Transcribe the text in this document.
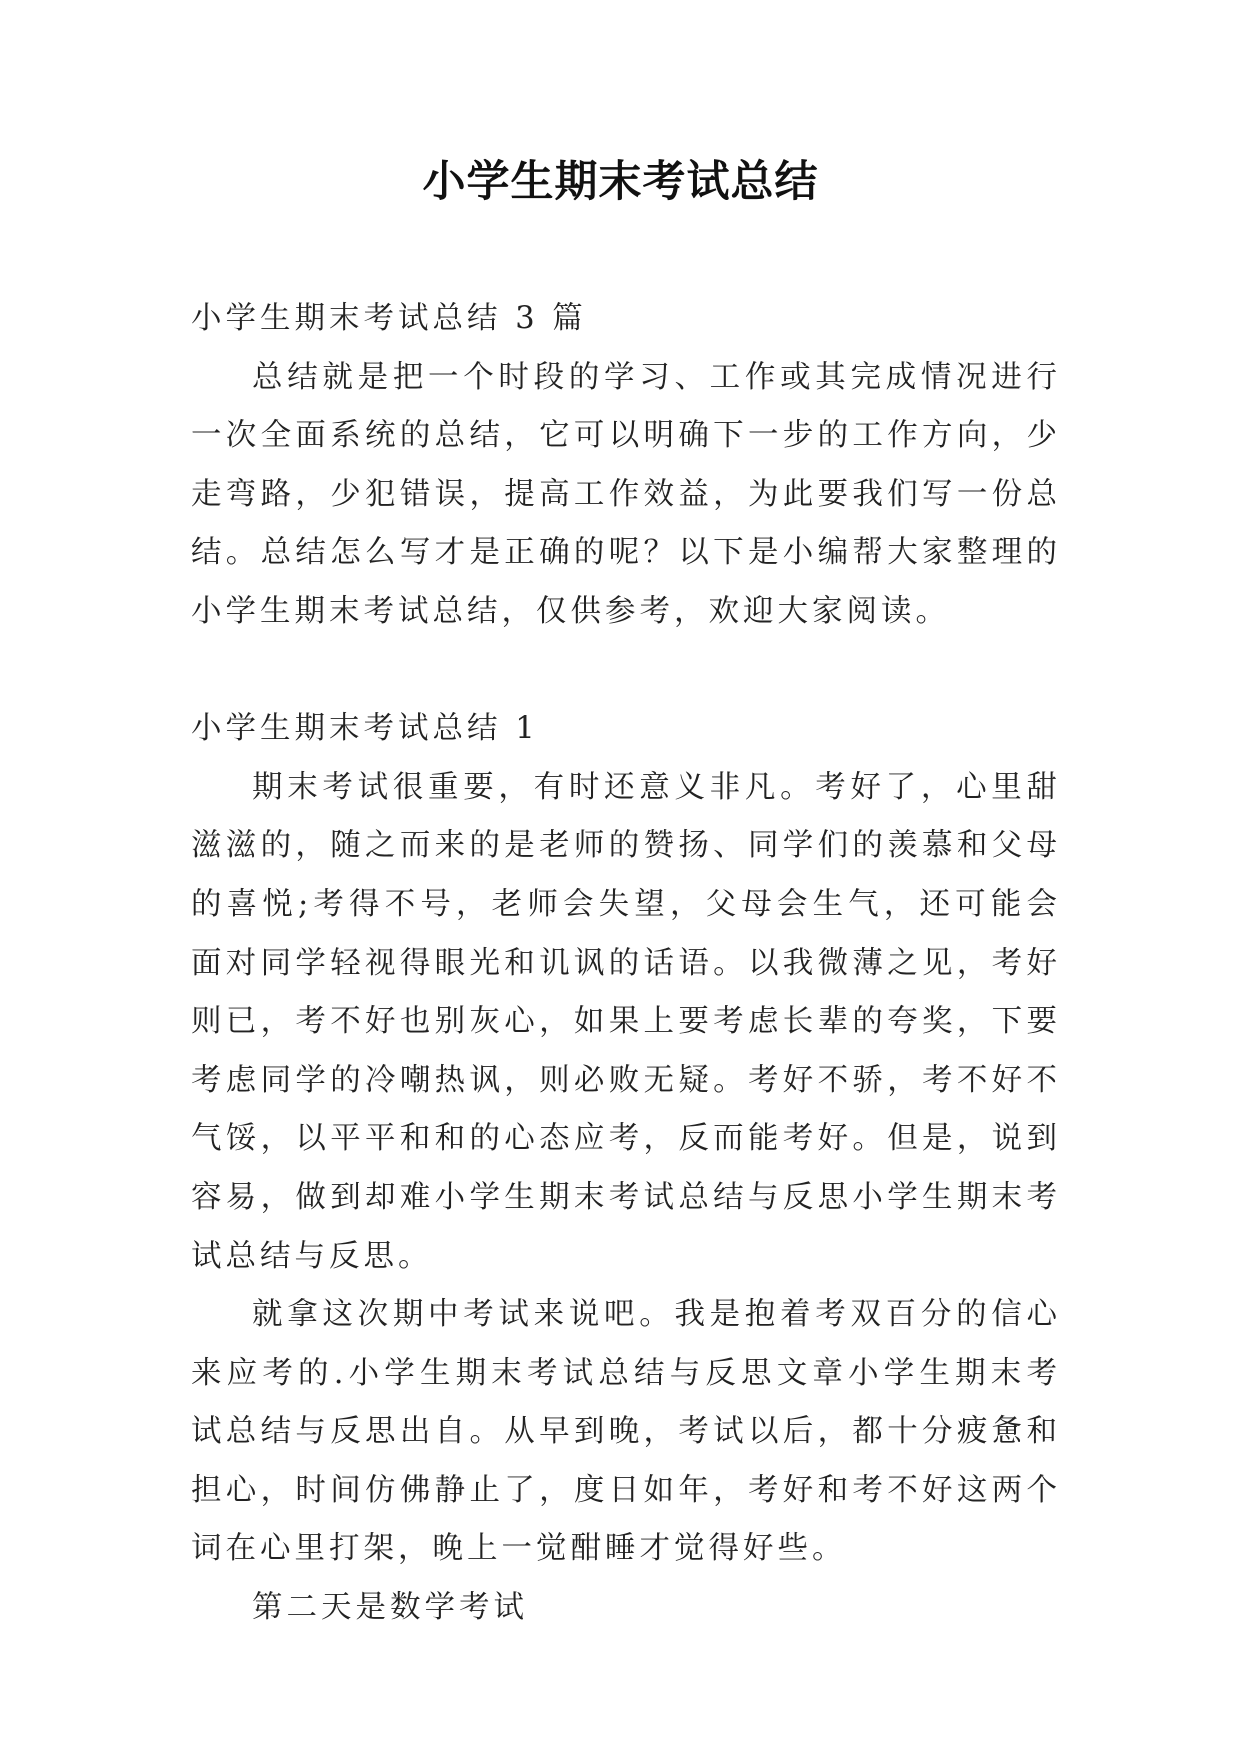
小学生期末考试总结

小学生期末考试总结 3 篇

总结就是把一个时段的学习、工作或其完成情况进行一次全面系统的总结，它可以明确下一步的工作方向，少走弯路，少犯错误，提高工作效益，为此要我们写一份总结。总结怎么写才是正确的呢？以下是小编帮大家整理的小学生期末考试总结，仅供参考，欢迎大家阅读。

小学生期末考试总结 1

期末考试很重要，有时还意义非凡。考好了，心里甜滋滋的，随之而来的是老师的赞扬、同学们的羡慕和父母的喜悦;考得不号，老师会失望，父母会生气，还可能会面对同学轻视得眼光和讥讽的话语。以我微薄之见，考好则已，考不好也别灰心，如果上要考虑长辈的夸奖，下要考虑同学的冷嘲热讽，则必败无疑。考好不骄，考不好不气馁，以平平和和的心态应考，反而能考好。但是，说到容易，做到却难小学生期末考试总结与反思小学生期末考试总结与反思。

就拿这次期中考试来说吧。我是抱着考双百分的信心来应考的.小学生期末考试总结与反思文章小学生期末考试总结与反思出自。从早到晚，考试以后，都十分疲惫和担心，时间仿佛静止了，度日如年，考好和考不好这两个词在心里打架，晚上一觉酣睡才觉得好些。

第二天是数学考试
